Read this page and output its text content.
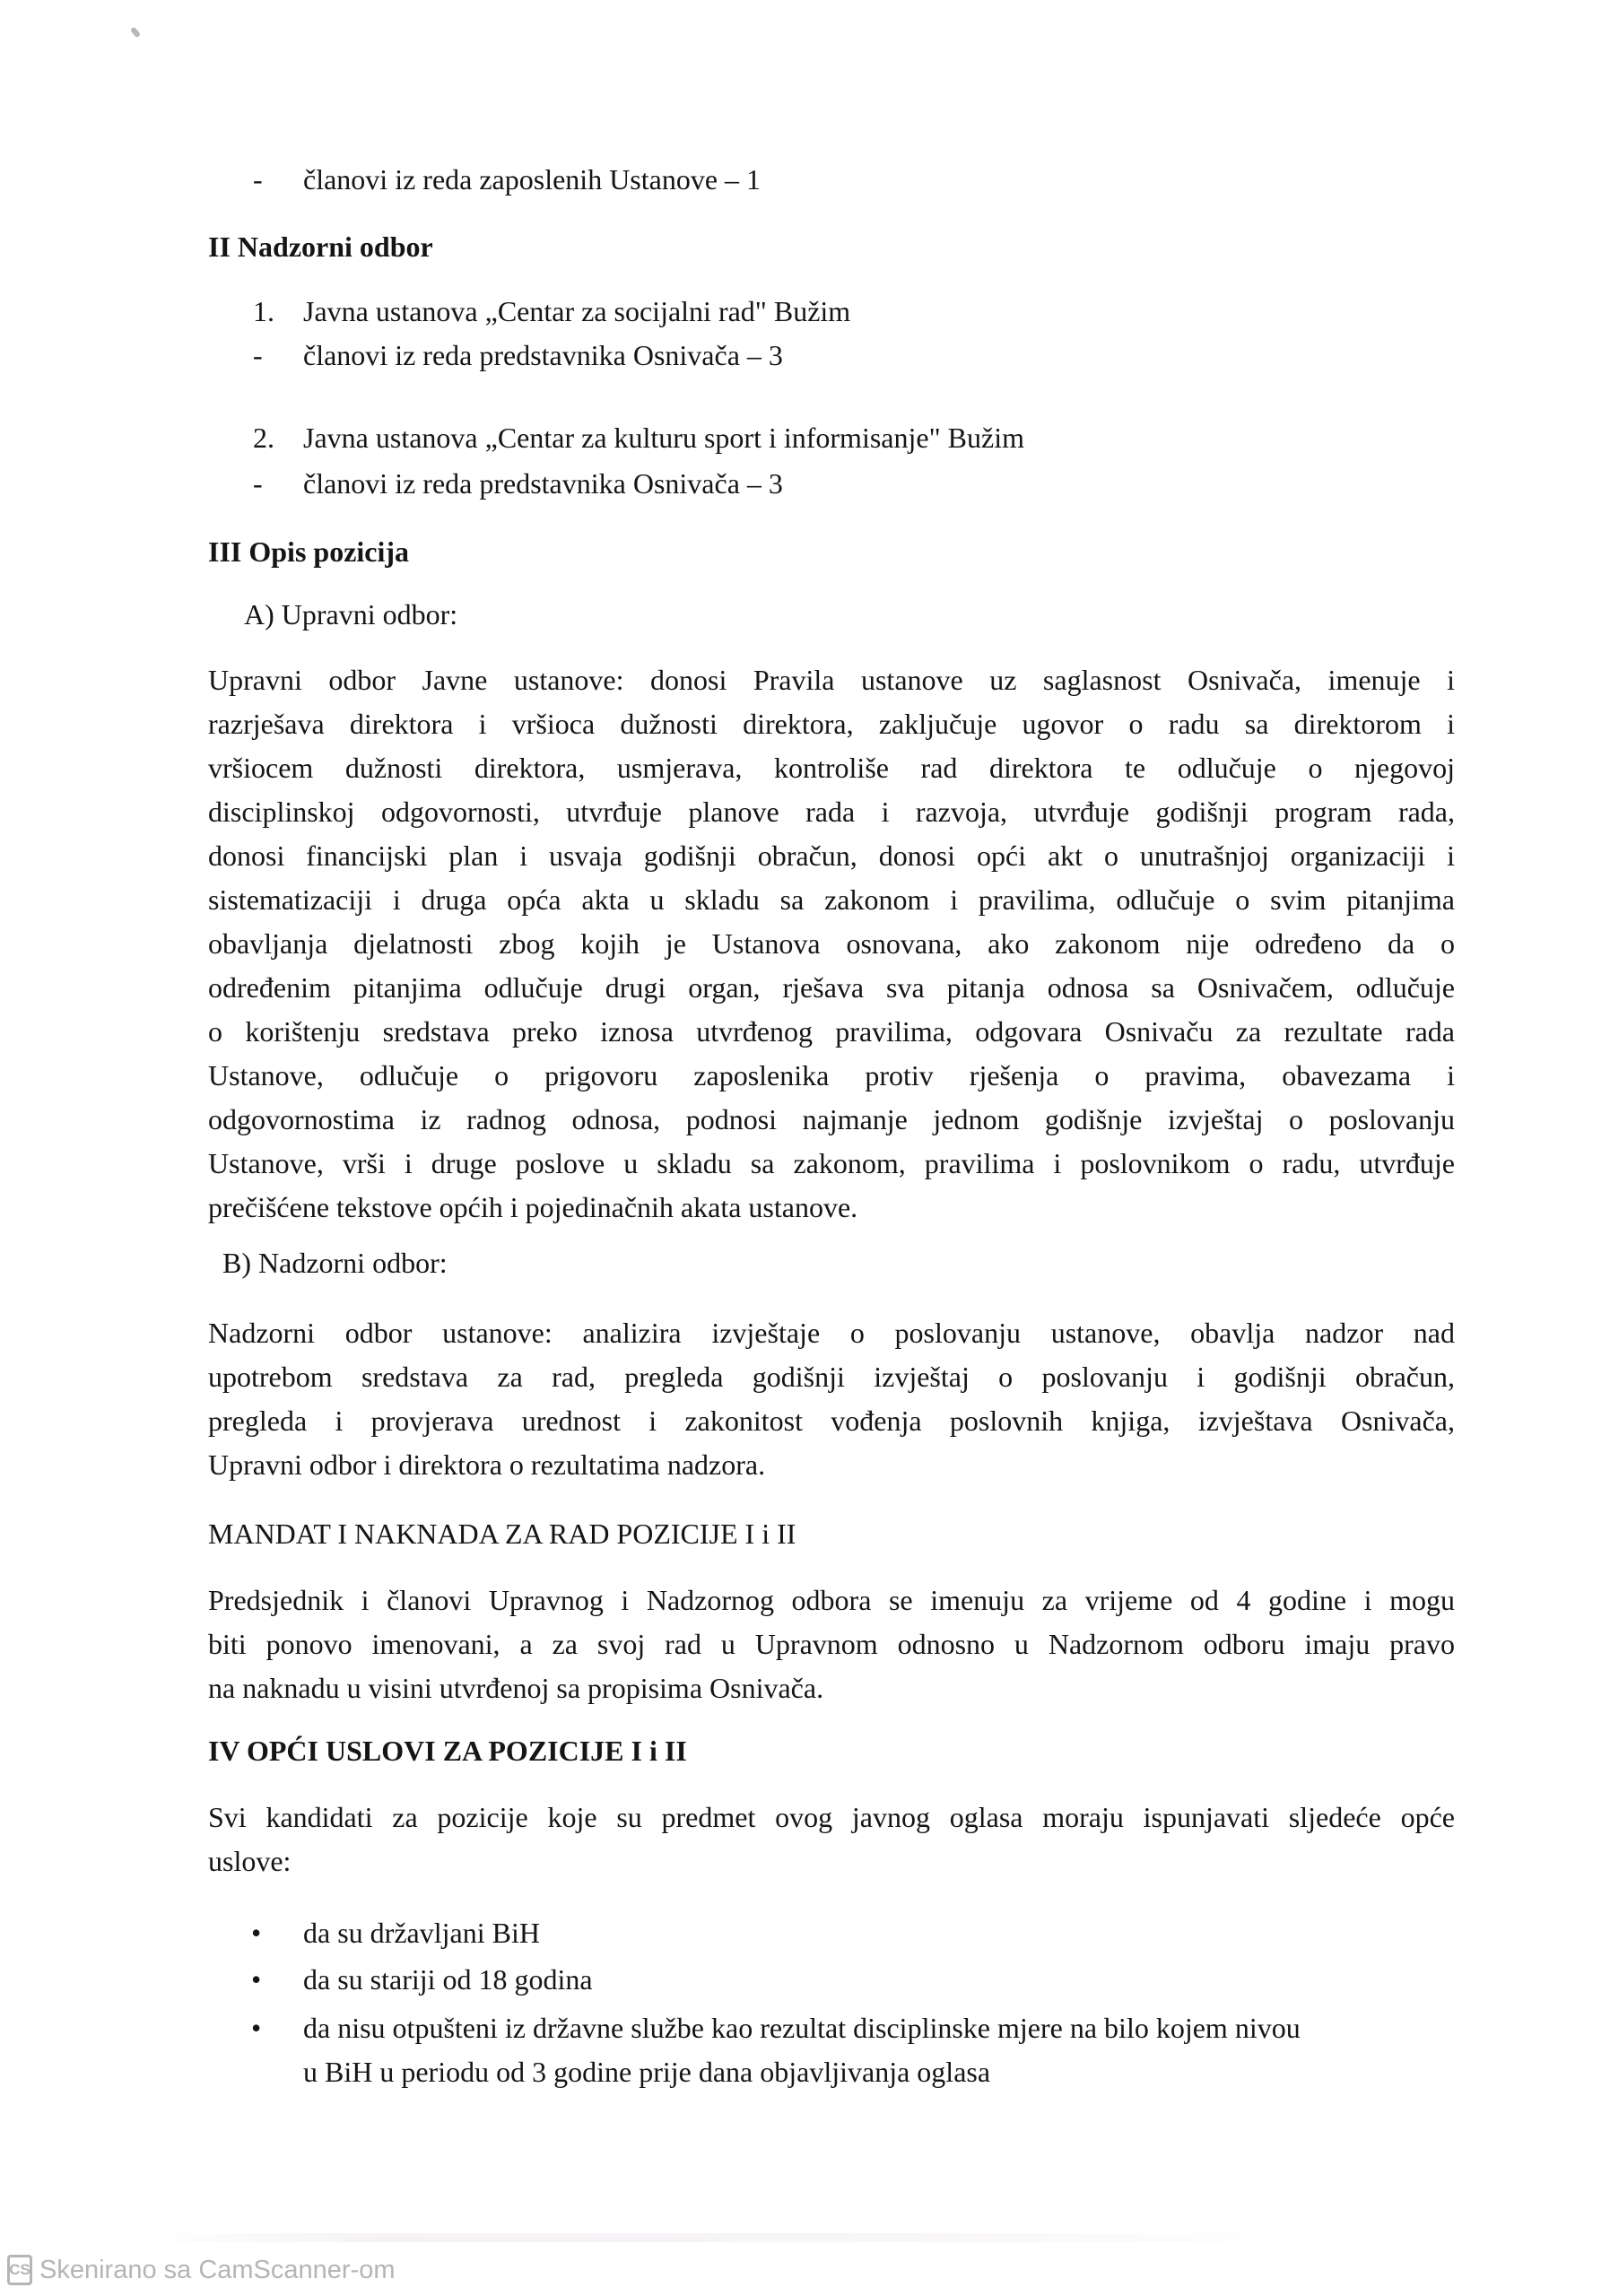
- članovi iz reda zaposlenih Ustanove – 1
II Nadzorni odbor
1. Javna ustanova „Centar za socijalni rad" Bužim
- članovi iz reda predstavnika Osnivača – 3
2. Javna ustanova „Centar za kulturu sport i informisanje" Bužim
- članovi iz reda predstavnika Osnivača – 3
III Opis pozicija
A) Upravni odbor:
Upravni odbor Javne ustanove: donosi Pravila ustanove uz saglasnost Osnivača, imenuje i
razrješava direktora i vršioca dužnosti direktora, zaključuje ugovor o radu sa direktorom i
vršiocem dužnosti direktora, usmjerava, kontroliše rad direktora te odlučuje o njegovoj
disciplinskoj odgovornosti, utvrđuje planove rada i razvoja, utvrđuje godišnji program rada,
donosi financijski plan i usvaja godišnji obračun, donosi opći akt o unutrašnjoj organizaciji i
sistematizaciji i druga opća akta u skladu sa zakonom i pravilima, odlučuje o svim pitanjima
obavljanja djelatnosti zbog kojih je Ustanova osnovana, ako zakonom nije određeno da o
određenim pitanjima odlučuje drugi organ, rješava sva pitanja odnosa sa Osnivačem, odlučuje
o korištenju sredstava preko iznosa utvrđenog pravilima, odgovara Osnivaču za rezultate rada
Ustanove, odlučuje o prigovoru zaposlenika protiv rješenja o pravima, obavezama i
odgovornostima iz radnog odnosa, podnosi najmanje jednom godišnje izvještaj o poslovanju
Ustanove, vrši i druge poslove u skladu sa zakonom, pravilima i poslovnikom o radu, utvrđuje
prečišćene tekstove općih i pojedinačnih akata ustanove.
B) Nadzorni odbor:
Nadzorni odbor ustanove: analizira izvještaje o poslovanju ustanove, obavlja nadzor nad
upotrebom sredstava za rad, pregleda godišnji izvještaj o poslovanju i godišnji obračun,
pregleda i provjerava urednost i zakonitost vođenja poslovnih knjiga, izvještava Osnivača,
Upravni odbor i direktora o rezultatima nadzora.
MANDAT I NAKNADA ZA RAD POZICIJE I i II
Predsjednik i članovi Upravnog i Nadzornog odbora se imenuju za vrijeme od 4 godine i mogu
biti ponovo imenovani, a za svoj rad u Upravnom odnosno u Nadzornom odboru imaju pravo
na naknadu u visini utvrđenoj sa propisima Osnivača.
IV OPĆI USLOVI ZA POZICIJE I i II
Svi kandidati za pozicije koje su predmet ovog javnog oglasa moraju ispunjavati sljedeće opće
uslove:
• da su državljani BiH
• da su stariji od 18 godina
• da nisu otpušteni iz državne službe kao rezultat disciplinske mjere na bilo kojem nivou
u BiH u periodu od 3 godine prije dana objavljivanja oglasa
CS Skenirano sa CamScanner-om
